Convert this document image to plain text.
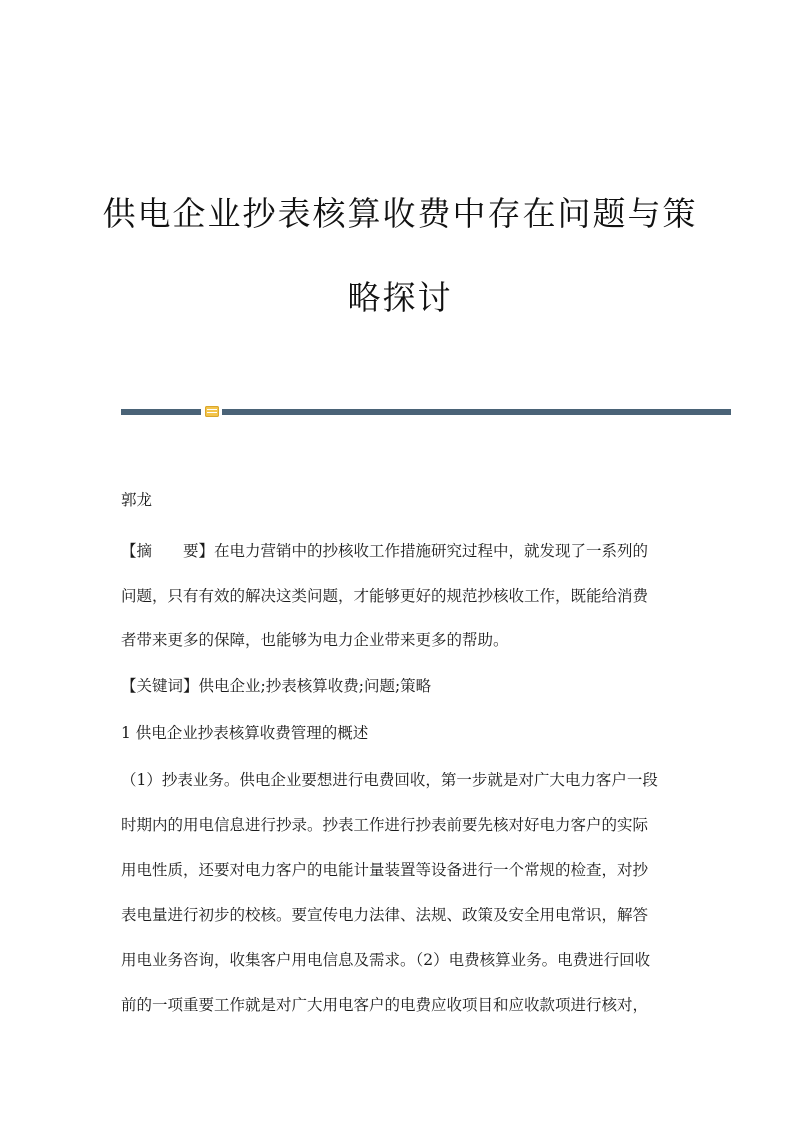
供电企业抄表核算收费中存在问题与策
略探讨
郭龙
【摘 要】在电力营销中的抄核收工作措施研究过程中，就发现了一系列的
问题，只有有效的解决这类问题，才能够更好的规范抄核收工作，既能给消费
者带来更多的保障，也能够为电力企业带来更多的帮助。
【关键词】供电企业;抄表核算收费;问题;策略
1 供电企业抄表核算收费管理的概述
（1）抄表业务。供电企业要想进行电费回收，第一步就是对广大电力客户一段
时期内的用电信息进行抄录。抄表工作进行抄表前要先核对好电力客户的实际
用电性质，还要对电力客户的电能计量装置等设备进行一个常规的检查，对抄
表电量进行初步的校核。要宣传电力法律、法规、政策及安全用电常识，解答
用电业务咨询，收集客户用电信息及需求。（2）电费核算业务。电费进行回收
前的一项重要工作就是对广大用电客户的电费应收项目和应收款项进行核对，
